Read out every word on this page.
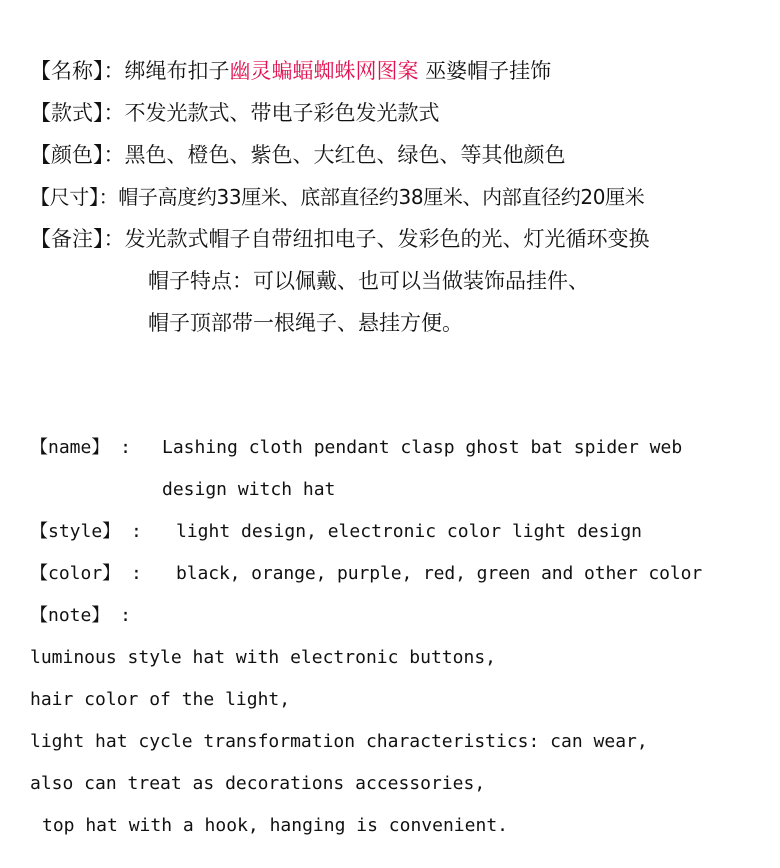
【名称】：绑绳布扣子幽灵蝙蝠蜘蛛网图案 巫婆帽子挂饰
【款式】：不发光款式、带电子彩色发光款式
【颜色】：黑色、橙色、紫色、大红色、绿色、等其他颜色
【尺寸】：帽子高度约33厘米、底部直径约38厘米、内部直径约20厘米
【备注】：发光款式帽子自带纽扣电子、发彩色的光、灯光循环变换
帽子特点：可以佩戴、也可以当做装饰品挂件、
帽子顶部带一根绳子、悬挂方便。
【name】 : Lashing cloth pendant clasp ghost bat spider web
design witch hat
【style】 : light design, electronic color light design
【color】 : black, orange, purple, red, green and other color
【note】 :
luminous style hat with electronic buttons,
hair color of the light,
light hat cycle transformation characteristics: can wear,
also can treat as decorations accessories,
top hat with a hook, hanging is convenient.
